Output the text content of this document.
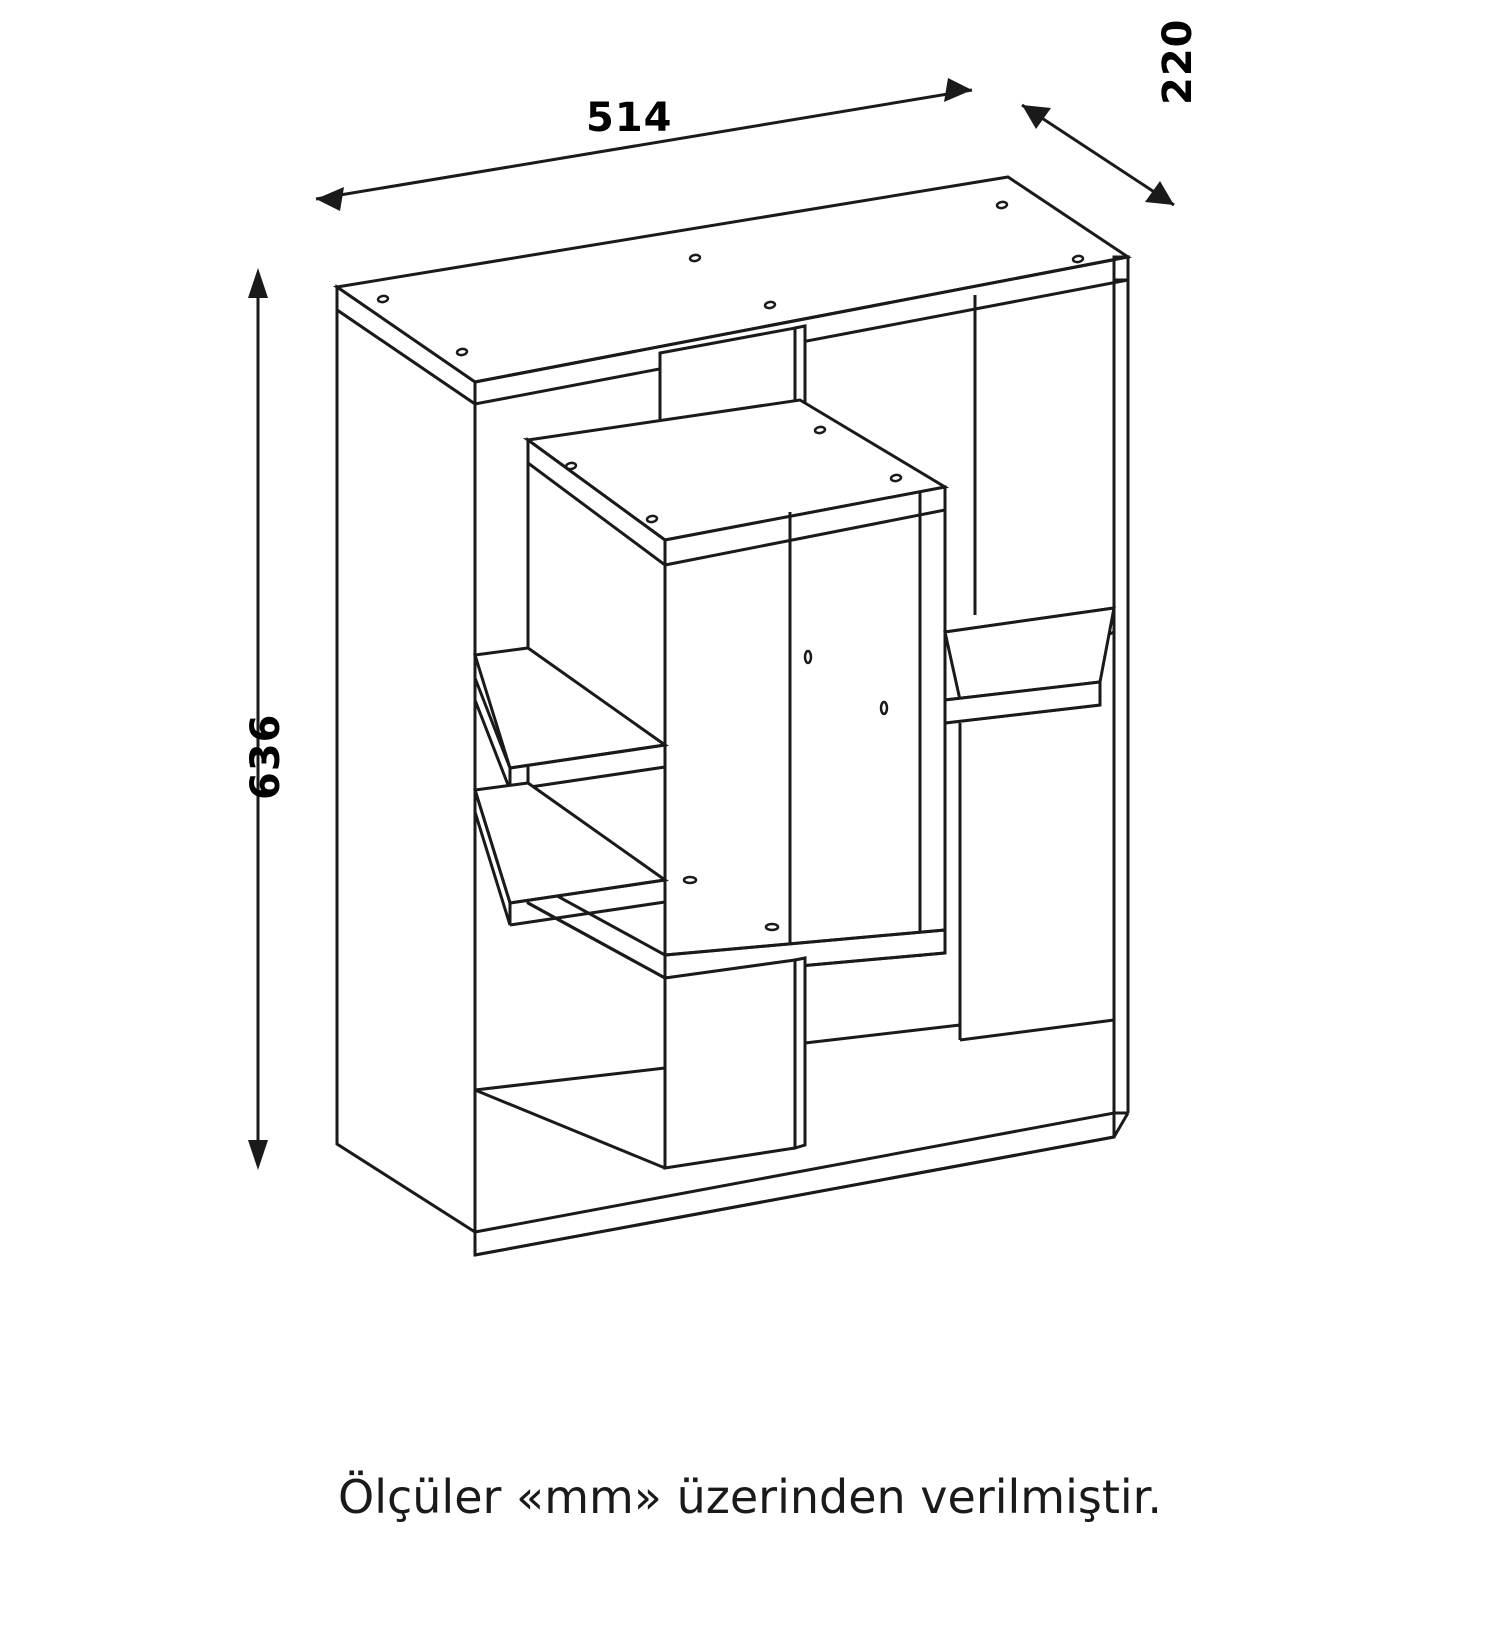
514
220
636
Ölçüler «mm» üzerinden verilmiştir.
